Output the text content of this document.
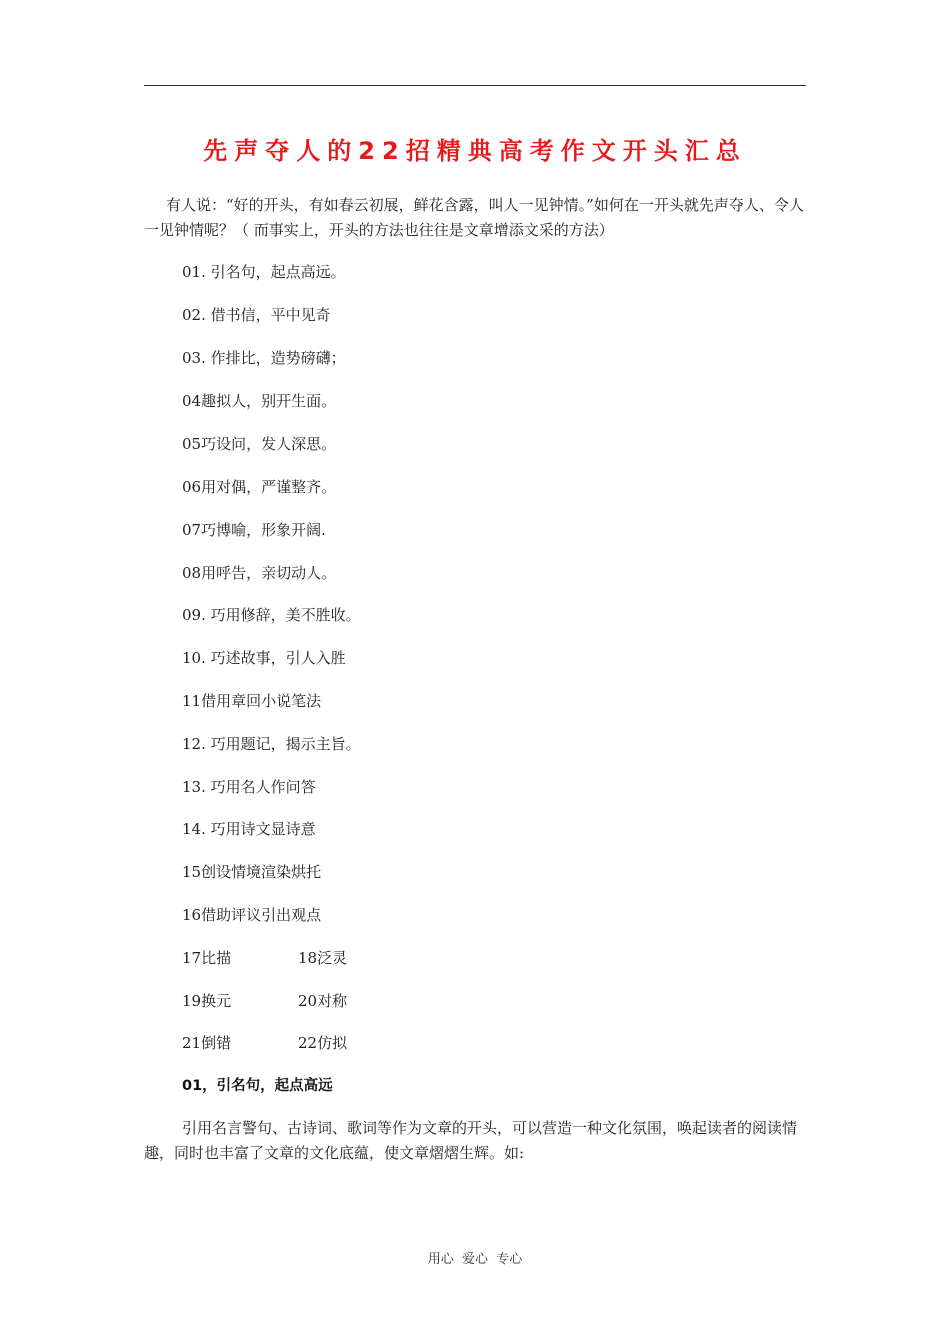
先声夺人的22招精典高考作文开头汇总

有人说：“好的开头，有如春云初展，鲜花含露，叫人一见钟情。”如何在一开头就先声夺人、令人一见钟情呢？（ 而事实上，开头的方法也往往是文章增添文采的方法）

01. 引名句，起点高远。
02. 借书信，平中见奇
03. 作排比，造势磅礴；
04趣拟人，别开生面。
05巧设问，发人深思。
06用对偶，严谨整齐。
07巧博喻，形象开阔.
08用呼告，亲切动人。
09. 巧用修辞，美不胜收。
10. 巧述故事，引人入胜
11借用章回小说笔法
12. 巧用题记，揭示主旨。
13. 巧用名人作问答
14. 巧用诗文显诗意
15创设情境渲染烘托
16借助评议引出观点
17比描	18泛灵
19换元	20对称
21倒错	22仿拟
01，引名句，起点高远

引用名言警句、古诗词、歌词等作为文章的开头，可以营造一种文化氛围，唤起读者的阅读情趣，同时也丰富了文章的文化底蕴，使文章熠熠生辉。如:

用心  爱心  专心
